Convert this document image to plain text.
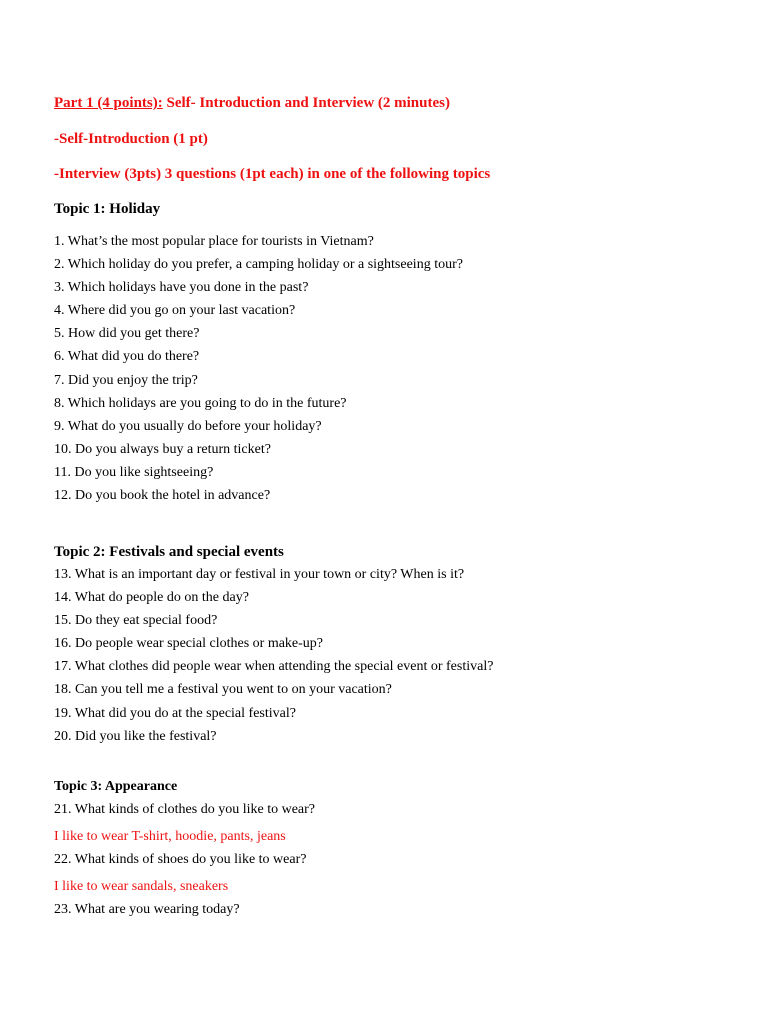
Part 1 (4 points): Self- Introduction and Interview (2 minutes)
-Self-Introduction (1 pt)
-Interview (3pts) 3 questions (1pt each) in one of the following topics
Topic 1: Holiday
1. What’s the most popular place for tourists in Vietnam?
2. Which holiday do you prefer, a camping holiday or a sightseeing tour?
3. Which holidays have you done in the past?
4. Where did you go on your last vacation?
5. How did you get there?
6. What did you do there?
7. Did you enjoy the trip?
8. Which holidays are you going to do in the future?
9. What do you usually do before your holiday?
10. Do you always buy a return ticket?
11. Do you like sightseeing?
12. Do you book the hotel in advance?
Topic 2: Festivals and special events
13. What is an important day or festival in your town or city? When is it?
14. What do people do on the day?
15. Do they eat special food?
16. Do people wear special clothes or make-up?
17. What clothes did people wear when attending the special event or festival?
18. Can you tell me a festival you went to on your vacation?
19. What did you do at the special festival?
20. Did you like the festival?
Topic 3: Appearance
21. What kinds of clothes do you like to wear?
I like to wear T-shirt, hoodie, pants, jeans
22. What kinds of shoes do you like to wear?
I like to wear sandals, sneakers
23. What are you wearing today?
